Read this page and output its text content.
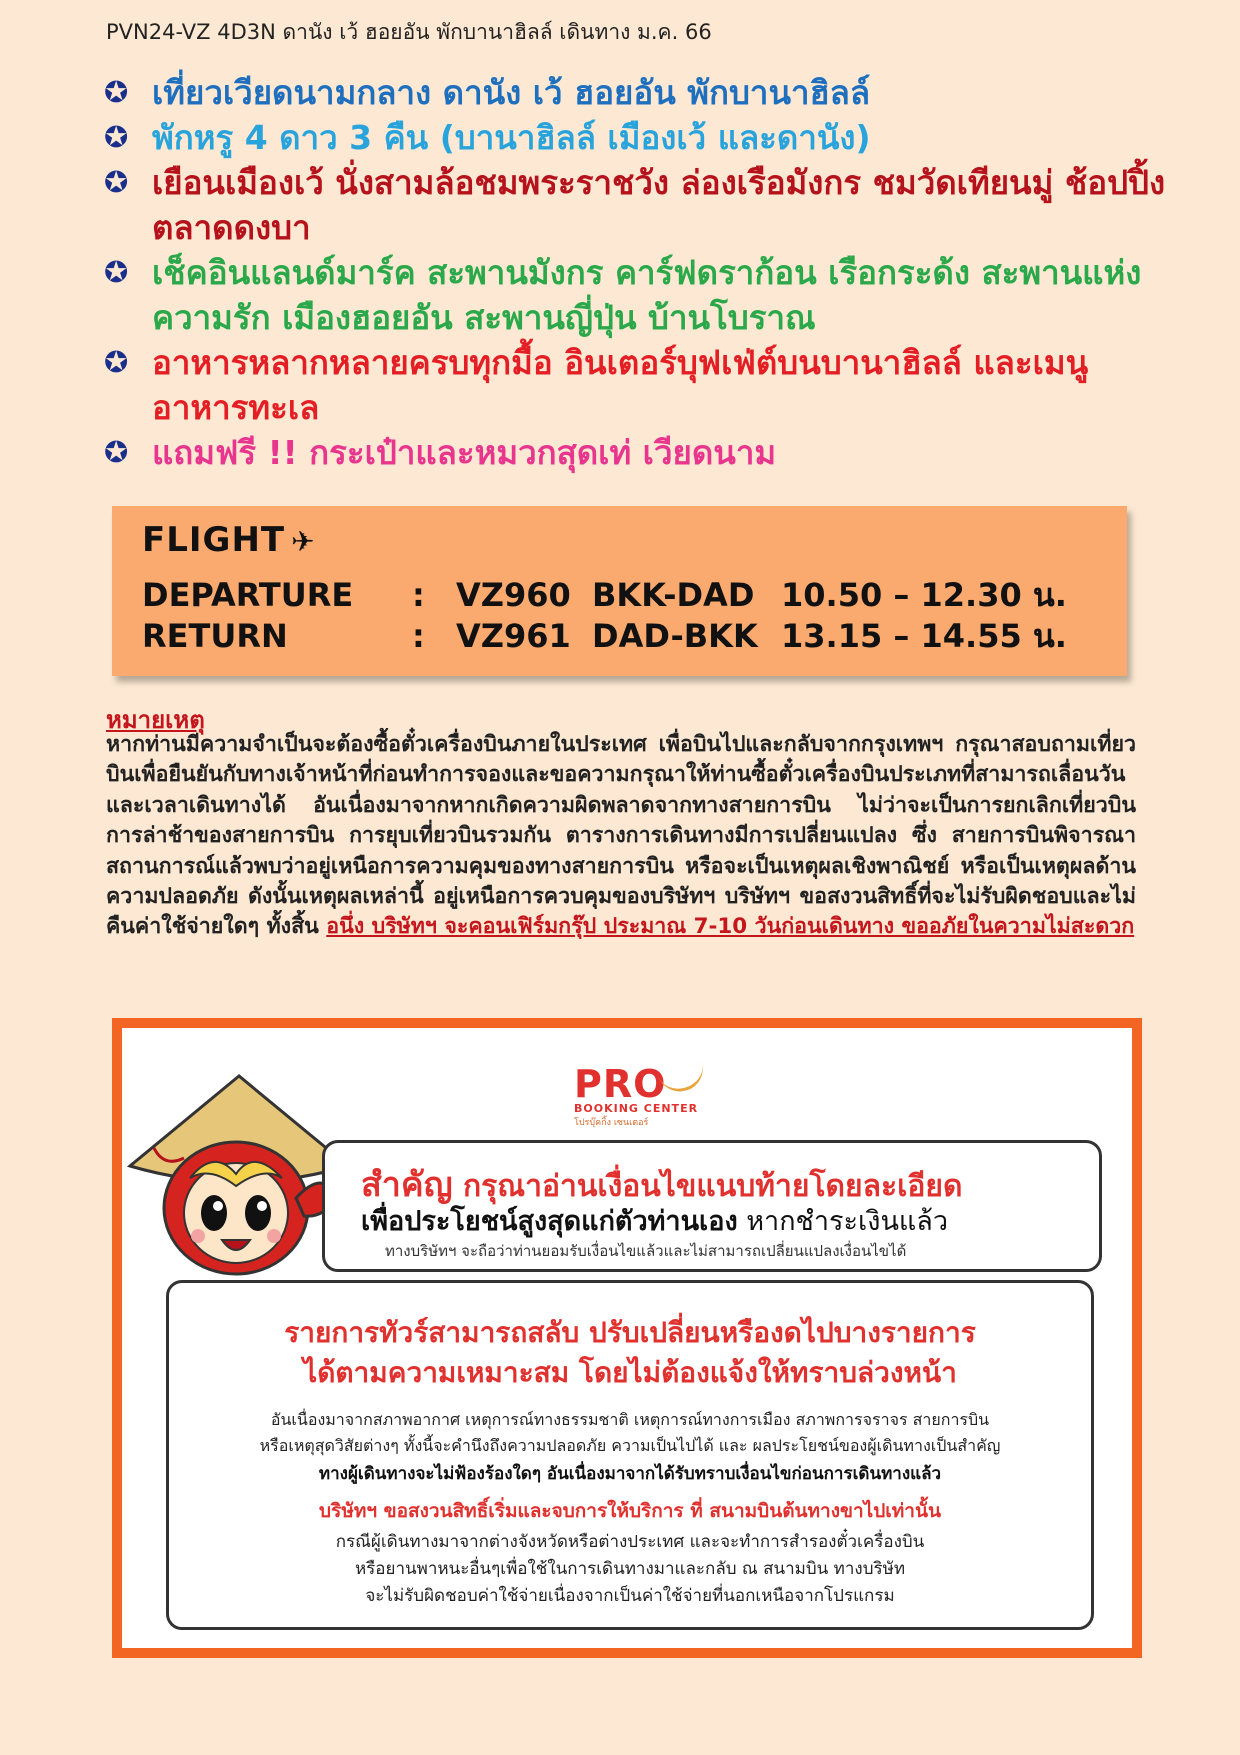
PVN24-VZ 4D3N ดานัง เว้ ฮอยอัน พักบานาฮิลล์ เดินทาง ม.ค. 66
✪ เที่ยวเวียดนามกลาง ดานัง เว้ ฮอยอัน พักบานาฮิลล์
✪ พักหรู 4 ดาว 3 คืน (บานาฮิลล์ เมืองเว้ และดานัง)
✪ เยือนเมืองเว้ นั่งสามล้อชมพระราชวัง ล่องเรือมังกร ชมวัดเทียนมู่ ช้อปปิ้งตลาดดงบา
✪ เช็คอินแลนด์มาร์ค สะพานมังกร คาร์ฟดราก้อน เรือกระด้ง สะพานแห่งความรัก เมืองฮอยอัน สะพานญี่ปุ่น บ้านโบราณ
✪ อาหารหลากหลายครบทุกมื้อ อินเตอร์บุฟเฟ่ต์บนบานาฮิลล์ และเมนูอาหารทะเล
✪ แถมฟรี !! กระเป๋าและหมวกสุดเท่ เวียดนาม
FLIGHT ✈
DEPARTURE : VZ960 BKK-DAD 10.50 – 12.30 น.
RETURN	: VZ961 DAD-BKK 13.15 – 14.55 น.
หมายเหตุ
หากท่านมีความจำเป็นจะต้องซื้อตั๋วเครื่องบินภายในประเทศ เพื่อบินไปและกลับจากกรุงเทพฯ กรุณาสอบถามเที่ยวบินเพื่อยืนยันกับทางเจ้าหน้าที่ก่อนทำการจองและขอความกรุณาให้ท่านซื้อตั๋วเครื่องบินประเภทที่สามารถเลื่อนวันและเวลาเดินทางได้ อันเนื่องมาจากหากเกิดความผิดพลาดจากทางสายการบิน ไม่ว่าจะเป็นการยกเลิกเที่ยวบิน การล่าช้าของสายการบิน การยุบเที่ยวบินรวมกัน ตารางการเดินทางมีการเปลี่ยนแปลง ซึ่ง สายการบินพิจารณาสถานการณ์แล้วพบว่าอยู่เหนือการความคุมของทางสายการบิน หรือจะเป็นเหตุผลเชิงพาณิชย์ หรือเป็นเหตุผลด้านความปลอดภัย ดังนั้นเหตุผลเหล่านี้ อยู่เหนือการควบคุมของบริษัทฯ บริษัทฯ ขอสงวนสิทธิ์ที่จะไม่รับผิดชอบและไม่คืนค่าใช้จ่ายใดๆ ทั้งสิ้น อนึ่ง บริษัทฯ จะคอนเฟิร์มกรุ๊ป ประมาณ 7-10 วันก่อนเดินทาง ขออภัยในความไม่สะดวก
PRO
BOOKING CENTER
โปรบุ๊คกิ้ง เซนเตอร์
สำคัญ กรุณาอ่านเงื่อนไขแนบท้ายโดยละเอียด
เพื่อประโยชน์สูงสุดแก่ตัวท่านเอง หากชำระเงินแล้ว
ทางบริษัทฯ จะถือว่าท่านยอมรับเงื่อนไขแล้วและไม่สามารถเปลี่ยนแปลงเงื่อนไขได้
รายการทัวร์สามารถสลับ ปรับเปลี่ยนหรืองดไปบางรายการ
ได้ตามความเหมาะสม โดยไม่ต้องแจ้งให้ทราบล่วงหน้า
อันเนื่องมาจากสภาพอากาศ เหตุการณ์ทางธรรมชาติ เหตุการณ์ทางการเมือง สภาพการจราจร สายการบิน
หรือเหตุสุดวิสัยต่างๆ ทั้งนี้จะคำนึงถึงความปลอดภัย ความเป็นไปได้ และ ผลประโยชน์ของผู้เดินทางเป็นสำคัญ
ทางผู้เดินทางจะไม่ฟ้องร้องใดๆ อันเนื่องมาจากได้รับทราบเงื่อนไขก่อนการเดินทางแล้ว
บริษัทฯ ขอสงวนสิทธิ์เริ่มและจบการให้บริการ ที่ สนามบินต้นทางขาไปเท่านั้น
กรณีผู้เดินทางมาจากต่างจังหวัดหรือต่างประเทศ และจะทำการสำรองตั๋วเครื่องบิน
หรือยานพาหนะอื่นๆเพื่อใช้ในการเดินทางมาและกลับ ณ สนามบิน ทางบริษัท
จะไม่รับผิดชอบค่าใช้จ่ายเนื่องจากเป็นค่าใช้จ่ายที่นอกเหนือจากโปรแกรม
